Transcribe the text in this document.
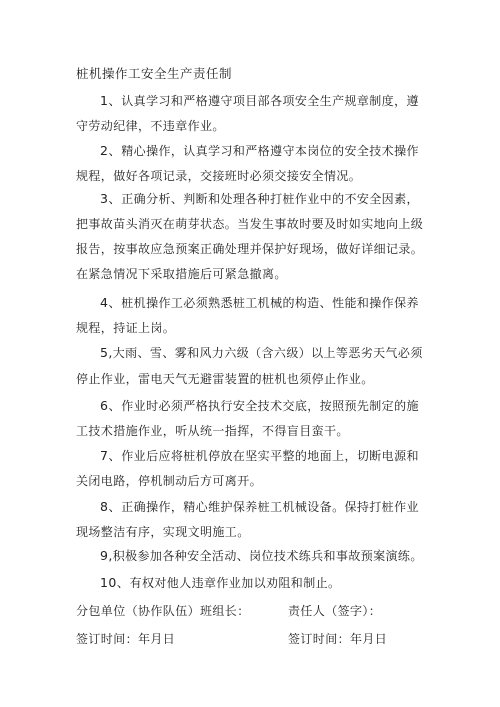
桩机操作工安全生产责任制

1、认真学习和严格遵守项目部各项安全生产规章制度，遵守劳动纪律，不违章作业。

2、精心操作，认真学习和严格遵守本岗位的安全技术操作规程，做好各项记录，交接班时必须交接安全情况。

3、正确分析、判断和处理各种打桩作业中的不安全因素，把事故苗头消灭在萌芽状态。当发生事故时要及时如实地向上级报告，按事故应急预案正确处理并保护好现场，做好详细记录。在紧急情况下采取措施后可紧急撤离。

4、桩机操作工必须熟悉桩工机械的构造、性能和操作保养规程，持证上岗。

5,大雨、雪、雾和风力六级（含六级）以上等恶劣天气必须

停止作业，雷电天气无避雷装置的桩机也须停止作业。

6、作业时必须严格执行安全技术交底，按照预先制定的施工技术措施作业，听从统一指挥，不得盲目蛮干。

7、作业后应将桩机停放在坚实平整的地面上，切断电源和关闭电路，停机制动后方可离开。

8、正确操作，精心维护保养桩工机械设备。保持打桩作业现场整洁有序，实现文明施工。

9,积极参加各种安全活动、岗位技术练兵和事故预案演练。

10、有权对他人违章作业加以劝阻和制止。

分包单位（协作队伍）班组长：	责任人（签字）：
签订时间：年月日	签订时间：年月日
